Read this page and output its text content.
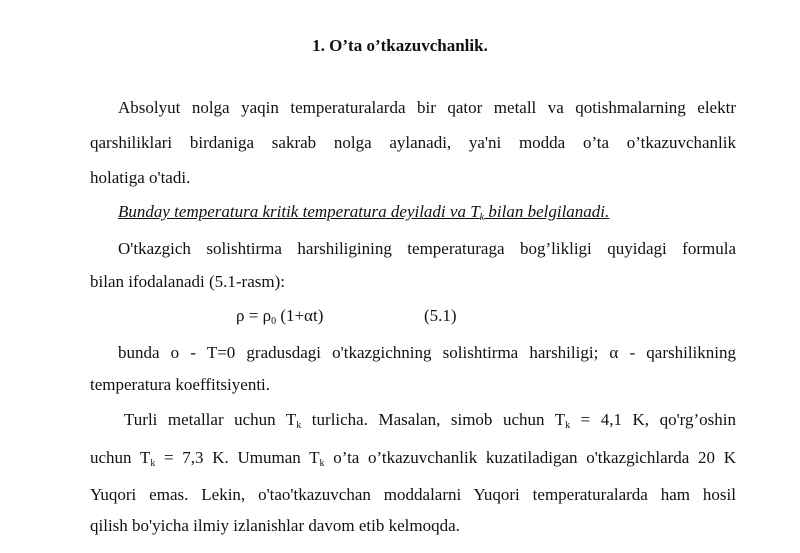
1. O’ta o’tkazuvchanlik.
Absolyut nolga yaqin temperaturalarda bir qator metall va qotishmalarning elektr
qarshiliklari birdaniga sakrab nolga aylanadi, ya'ni modda o’ta o’tkazuvchanlik
holatiga o'tadi.
Bunday temperatura kritik temperatura deyiladi va $T_k$ bilan belgilanadi.
O'tkazgich solishtirma harshiligining temperaturaga bog’likligi quyidagi formula
bilan ifodalanadi (5.1-rasm):
$\rho = \rho_0$ (1+αt)	(5.1)
bunda o - T=0 gradusdagi o'tkazgichning solishtirma harshiligi; α - qarshilikning
temperatura koeffitsiyenti.
Turli metallar uchun $T_k$ turlicha. Masalan, simob uchun $T_k = 4,1$ K, qo'rg’oshin
uchun $T_k = 7,3$ K. Umuman $T_k$ o’ta o’tkazuvchanlik kuzatiladigan o'tkazgichlarda 20 K
Yuqori emas. Lekin, o'tao'tkazuvchan moddalarni Yuqori temperaturalarda ham hosil
qilish bo'yicha ilmiy izlanishlar davom etib kelmoqda.
